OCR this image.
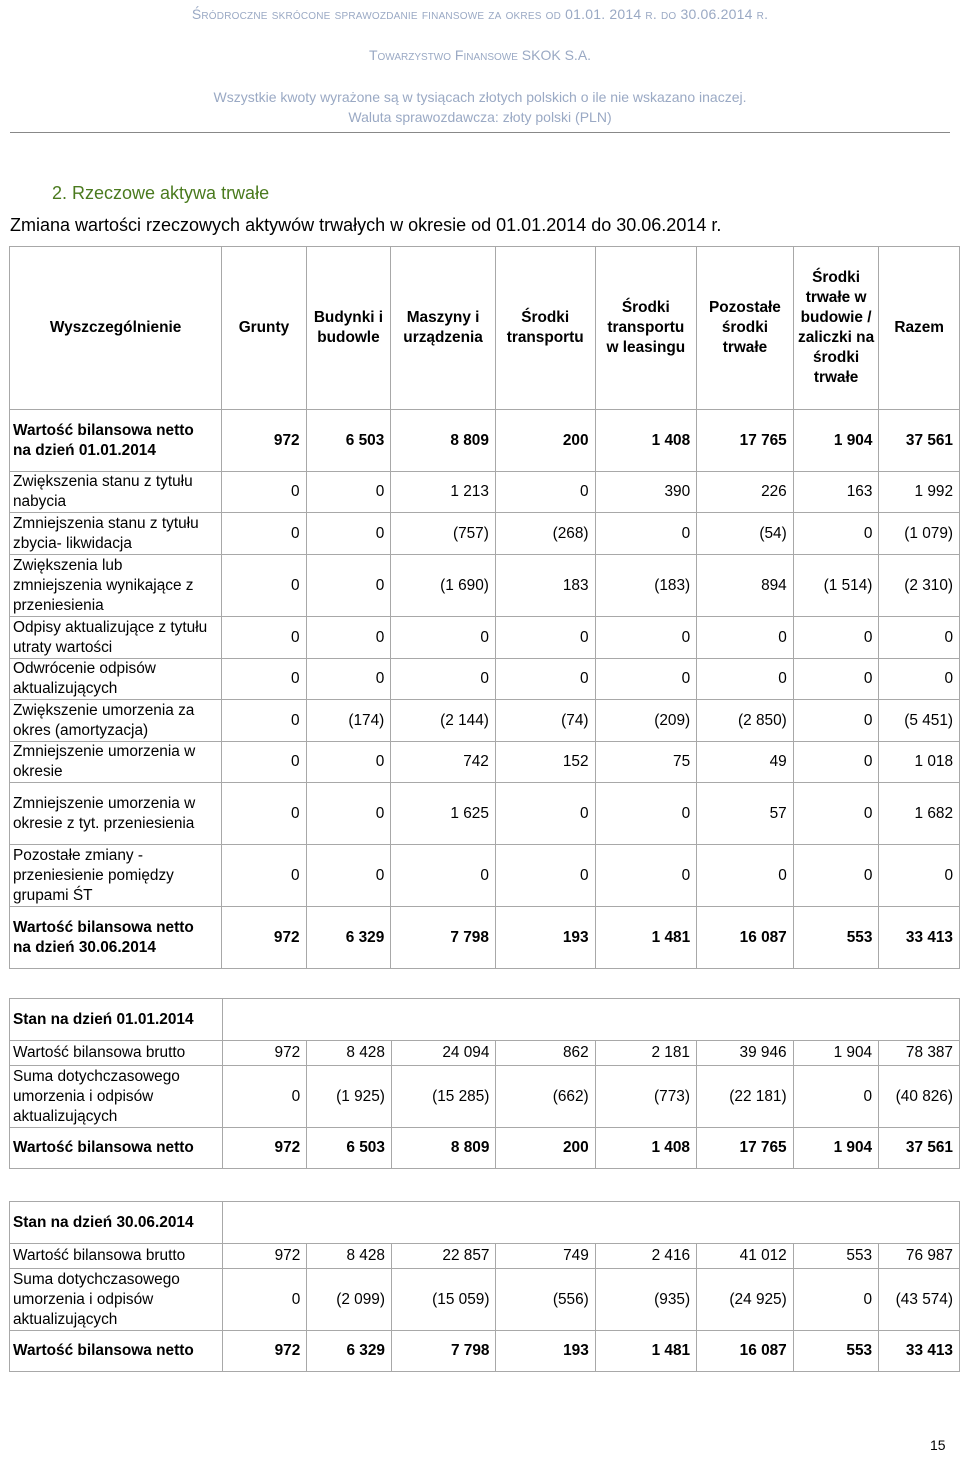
Śródroczne skrócone sprawozdanie finansowe za okres od 01.01. 2014 r. do 30.06.2014 r.
Towarzystwo Finansowe SKOK S.A.
Wszystkie kwoty wyrażone są w tysiącach złotych polskich o ile nie wskazano inaczej.
Waluta sprawozdawcza: złoty polski (PLN)
2. Rzeczowe aktywa trwałe
Zmiana wartości rzeczowych aktywów trwałych w okresie od 01.01.2014 do 30.06.2014 r.
Wyszczególnienie	Grunty	Budynki i budowle	Maszyny i urządzenia	Środki transportu	Środki transportu w leasingu	Pozostałe środki trwałe	Środki trwałe w budowie / zaliczki na środki trwałe	Razem
Wartość bilansowa netto na dzień 01.01.2014	972	6 503	8 809	200	1 408	17 765	1 904	37 561
Zwiększenia stanu z tytułu nabycia	0	0	1 213	0	390	226	163	1 992
Zmniejszenia stanu z tytułu zbycia- likwidacja	0	0	(757)	(268)	0	(54)	0	(1 079)
Zwiększenia lub zmniejszenia wynikające z przeniesienia	0	0	(1 690)	183	(183)	894	(1 514)	(2 310)
Odpisy aktualizujące z tytułu utraty wartości	0	0	0	0	0	0	0	0
Odwrócenie odpisów aktualizujących	0	0	0	0	0	0	0	0
Zwiększenie umorzenia za okres (amortyzacja)	0	(174)	(2 144)	(74)	(209)	(2 850)	0	(5 451)
Zmniejszenie umorzenia w okresie	0	0	742	152	75	49	0	1 018
Zmniejszenie umorzenia w okresie z tyt. przeniesienia	0	0	1 625	0	0	57	0	1 682
Pozostałe zmiany - przeniesienie pomiędzy grupami ŚT	0	0	0	0	0	0	0	0
Wartość bilansowa netto na dzień 30.06.2014	972	6 329	7 798	193	1 481	16 087	553	33 413
Stan na dzień 01.01.2014								
Wartość bilansowa brutto	972	8 428	24 094	862	2 181	39 946	1 904	78 387
Suma dotychczasowego umorzenia i odpisów aktualizujących	0	(1 925)	(15 285)	(662)	(773)	(22 181)	0	(40 826)
Wartość bilansowa netto	972	6 503	8 809	200	1 408	17 765	1 904	37 561
Stan na dzień 30.06.2014								
Wartość bilansowa brutto	972	8 428	22 857	749	2 416	41 012	553	76 987
Suma dotychczasowego umorzenia i odpisów aktualizujących	0	(2 099)	(15 059)	(556)	(935)	(24 925)	0	(43 574)
Wartość bilansowa netto	972	6 329	7 798	193	1 481	16 087	553	33 413
15
